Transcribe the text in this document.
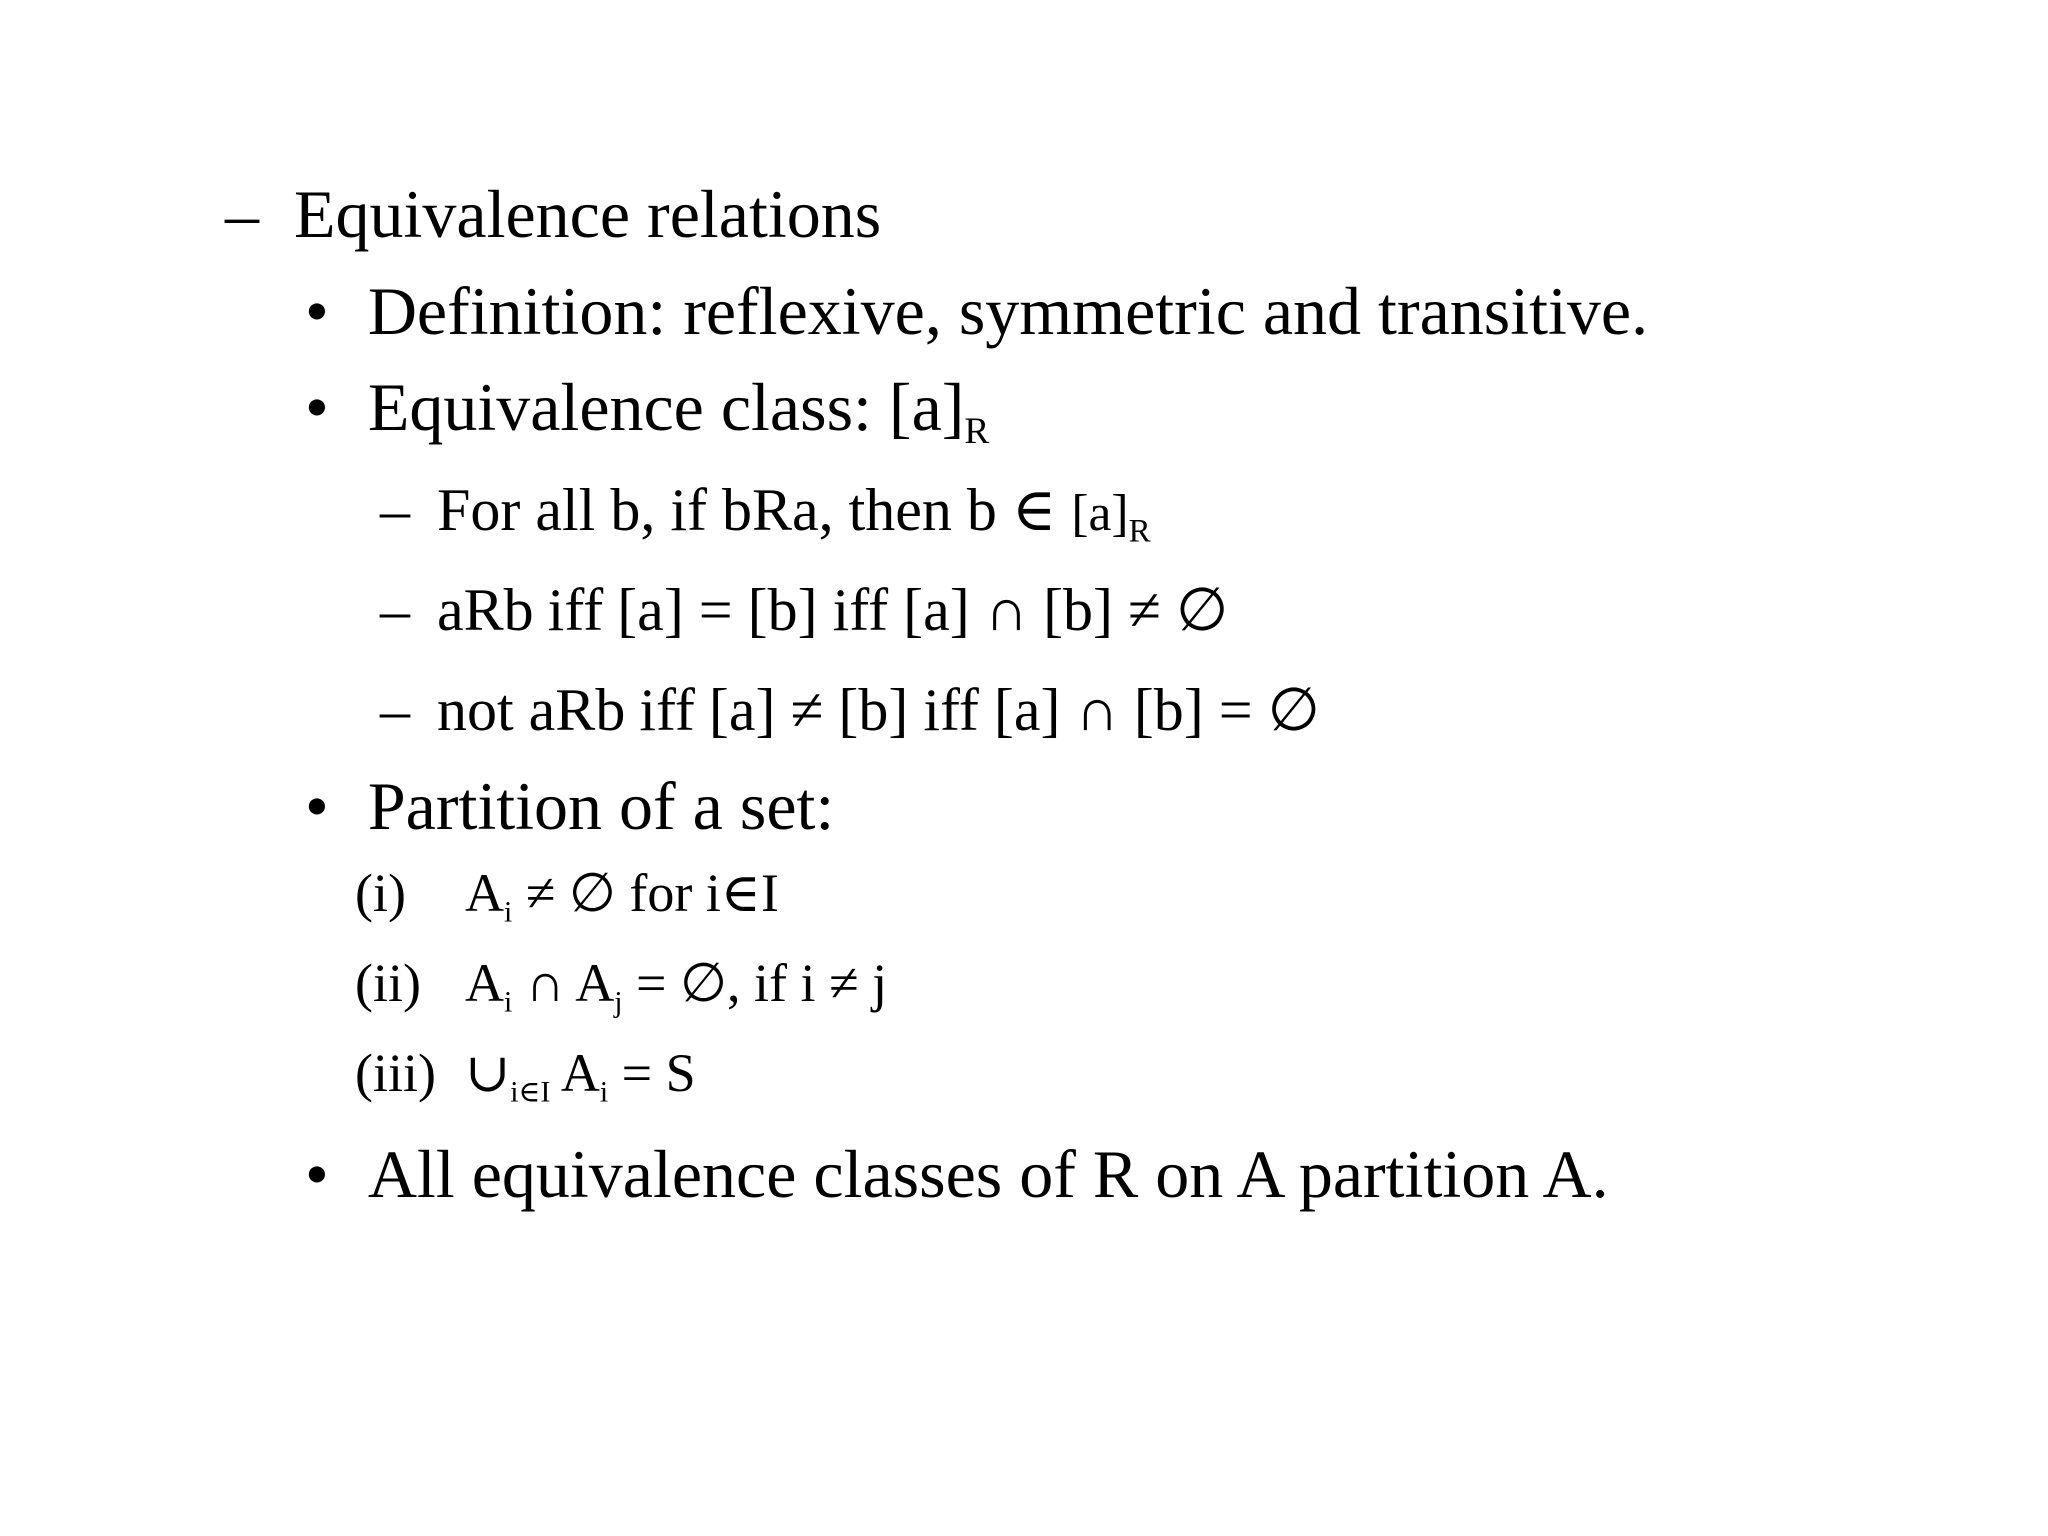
– Equivalence relations
• Definition: reflexive, symmetric and transitive.
• Equivalence class: $[a]_R$
– For all b, if bRa, then b ∈ $[a]_R$
– aRb iff [a] = [b] iff [a] ∩ [b] ≠ ∅
– not aRb iff [a] ≠ [b] iff [a] ∩ [b] = ∅
• Partition of a set:
(i) $A_i$ ≠ ∅ for i∈I
(ii) $A_i$ ∩ $A_j$ = ∅, if i ≠ j
(iii) $\cup_{i\in I}$ $A_i = S$
• All equivalence classes of R on A partition A.
